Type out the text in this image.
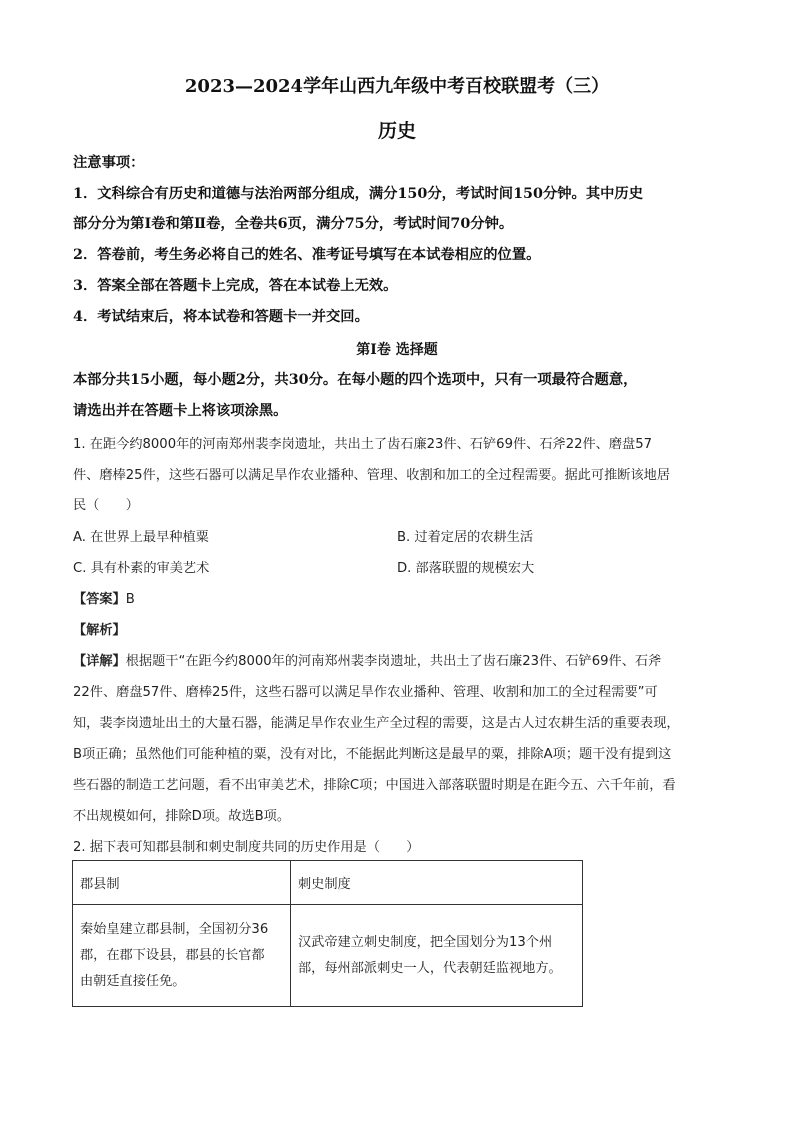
2023—2024学年山西九年级中考百校联盟考（三）
历史
注意事项：
1．文科综合有历史和道德与法治两部分组成，满分150分，考试时间150分钟。其中历史
部分分为第Ⅰ卷和第Ⅱ卷，全卷共6页，满分75分，考试时间70分钟。
2．答卷前，考生务必将自己的姓名、准考证号填写在本试卷相应的位置。
3．答案全部在答题卡上完成，答在本试卷上无效。
4．考试结束后，将本试卷和答题卡一并交回。
第Ⅰ卷 选择题
本部分共15小题，每小题2分，共30分。在每小题的四个选项中，只有一项最符合题意，
请选出并在答题卡上将该项涂黑。
1. 在距今约8000年的河南郑州裴李岗遗址，共出土了齿石廉23件、石铲69件、石斧22件、磨盘57
件、磨棒25件，这些石器可以满足旱作农业播种、管理、收割和加工的全过程需要。据此可推断该地居
民（　　）
A. 在世界上最早种植粟	B. 过着定居的农耕生活
C. 具有朴素的审美艺术	D. 部落联盟的规模宏大
【答案】B
【解析】
【详解】根据题干“在距今约8000年的河南郑州裴李岗遗址，共出土了齿石廉23件、石铲69件、石斧
22件、磨盘57件、磨棒25件，这些石器可以满足旱作农业播种、管理、收割和加工的全过程需要”可
知，裴李岗遗址出土的大量石器，能满足旱作农业生产全过程的需要，这是古人过农耕生活的重要表现，
B项正确；虽然他们可能种植的粟，没有对比，不能据此判断这是最早的粟，排除A项；题干没有提到这
些石器的制造工艺问题，看不出审美艺术，排除C项；中国进入部落联盟时期是在距今五、六千年前，看
不出规模如何，排除D项。故选B项。
2. 据下表可知郡县制和刺史制度共同的历史作用是（　　）
郡县制	刺史制度

秦始皇建立郡县制，全国初分36
郡，在郡下设县，郡县的长官都
由朝廷直接任免。	汉武帝建立刺史制度，把全国划分为13个州
部，每州部派刺史一人，代表朝廷监视地方。
